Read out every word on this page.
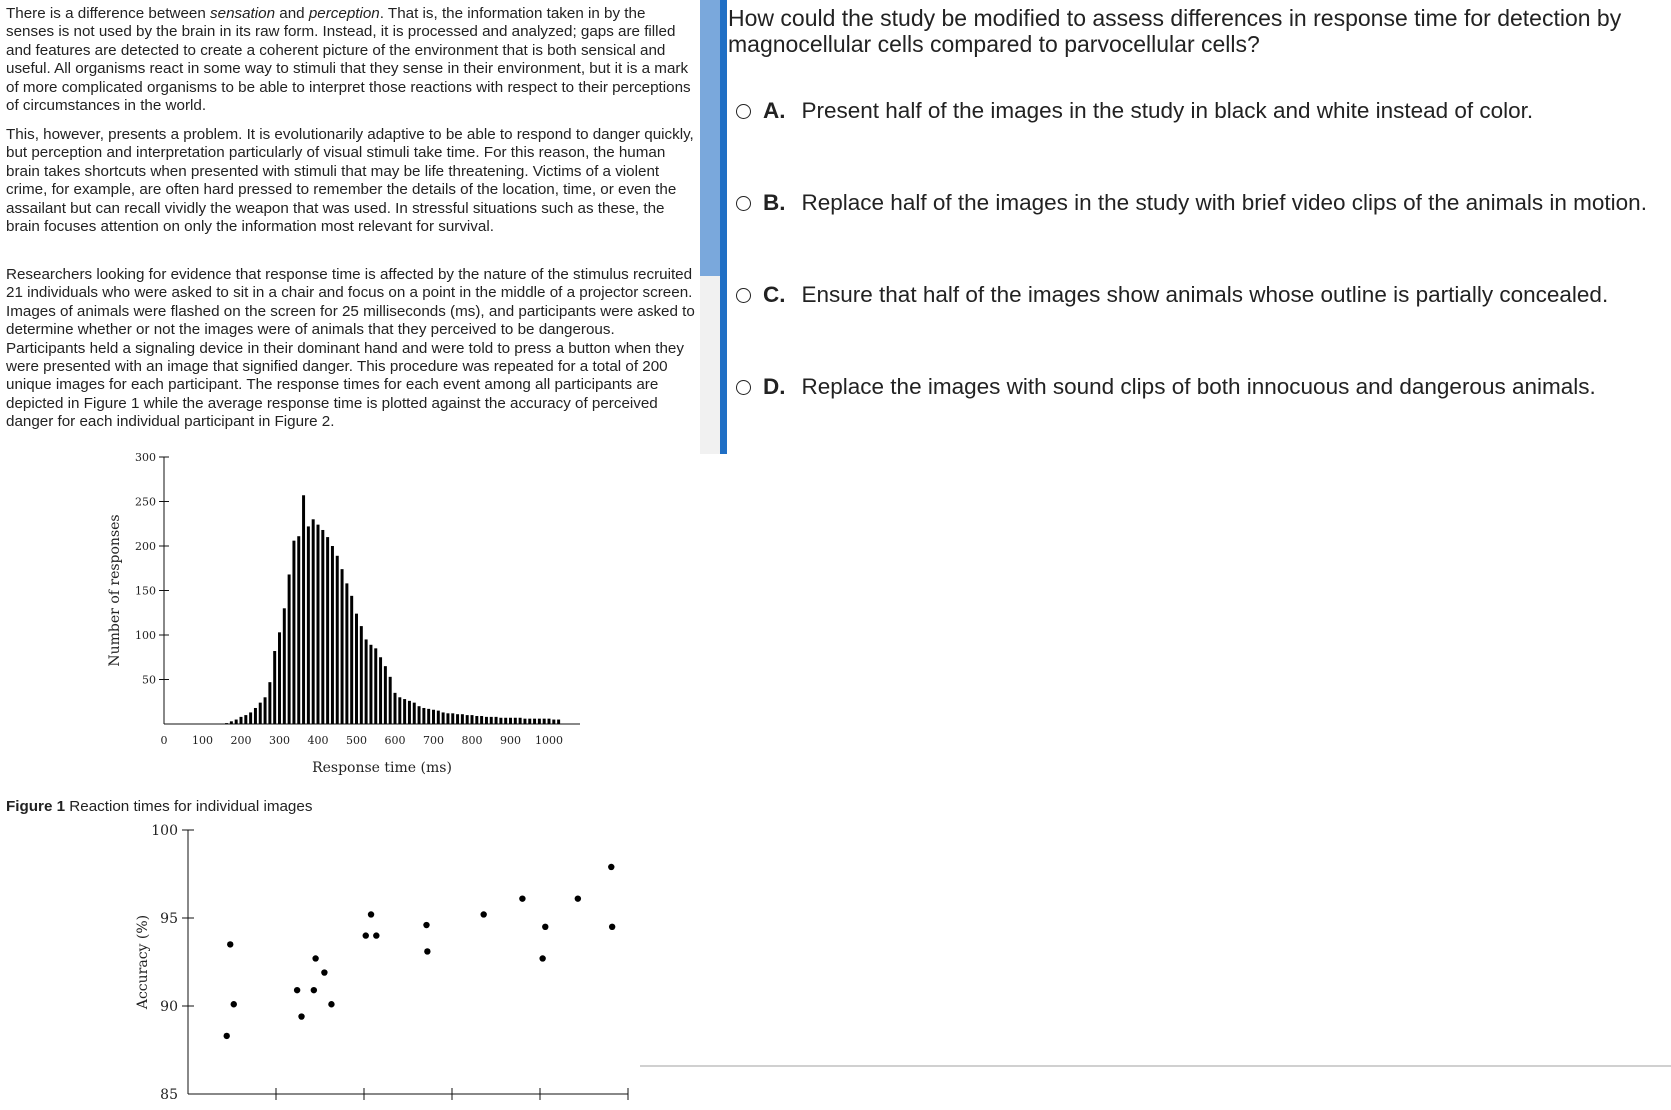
There is a difference between sensation and perception. That is, the information taken in by the senses is not used by the brain in its raw form. Instead, it is processed and analyzed; gaps are filled and features are detected to create a coherent picture of the environment that is both sensical and useful. All organisms react in some way to stimuli that they sense in their environment, but it is a mark of more complicated organisms to be able to interpret those reactions with respect to their perceptions of circumstances in the world.

This, however, presents a problem. It is evolutionarily adaptive to be able to respond to danger quickly, but perception and interpretation particularly of visual stimuli take time. For this reason, the human brain takes shortcuts when presented with stimuli that may be life threatening. Victims of a violent crime, for example, are often hard pressed to remember the details of the location, time, or even the assailant but can recall vividly the weapon that was used. In stressful situations such as these, the brain focuses attention on only the information most relevant for survival.

Researchers looking for evidence that response time is affected by the nature of the stimulus recruited 21 individuals who were asked to sit in a chair and focus on a point in the middle of a projector screen. Images of animals were flashed on the screen for 25 milliseconds (ms), and participants were asked to determine whether or not the images were of animals that they perceived to be dangerous. Participants held a signaling device in their dominant hand and were told to press a button when they were presented with an image that signified danger. This procedure was repeated for a total of 200 unique images for each participant. The response times for each event among all participants are depicted in Figure 1 while the average response time is plotted against the accuracy of perceived danger for each individual participant in Figure 2.

50
100
150
200
250
300
0 100 200 300 400 500 600 700 800 900 1000
Response time (ms)
Number of responses

Figure 1 Reaction times for individual images

85
90
95
100
Accuracy (%)

How could the study be modified to assess differences in response time for detection by magnocellular cells compared to parvocellular cells?

A. Present half of the images in the study in black and white instead of color.
B. Replace half of the images in the study with brief video clips of the animals in motion.
C. Ensure that half of the images show animals whose outline is partially concealed.
D. Replace the images with sound clips of both innocuous and dangerous animals.
